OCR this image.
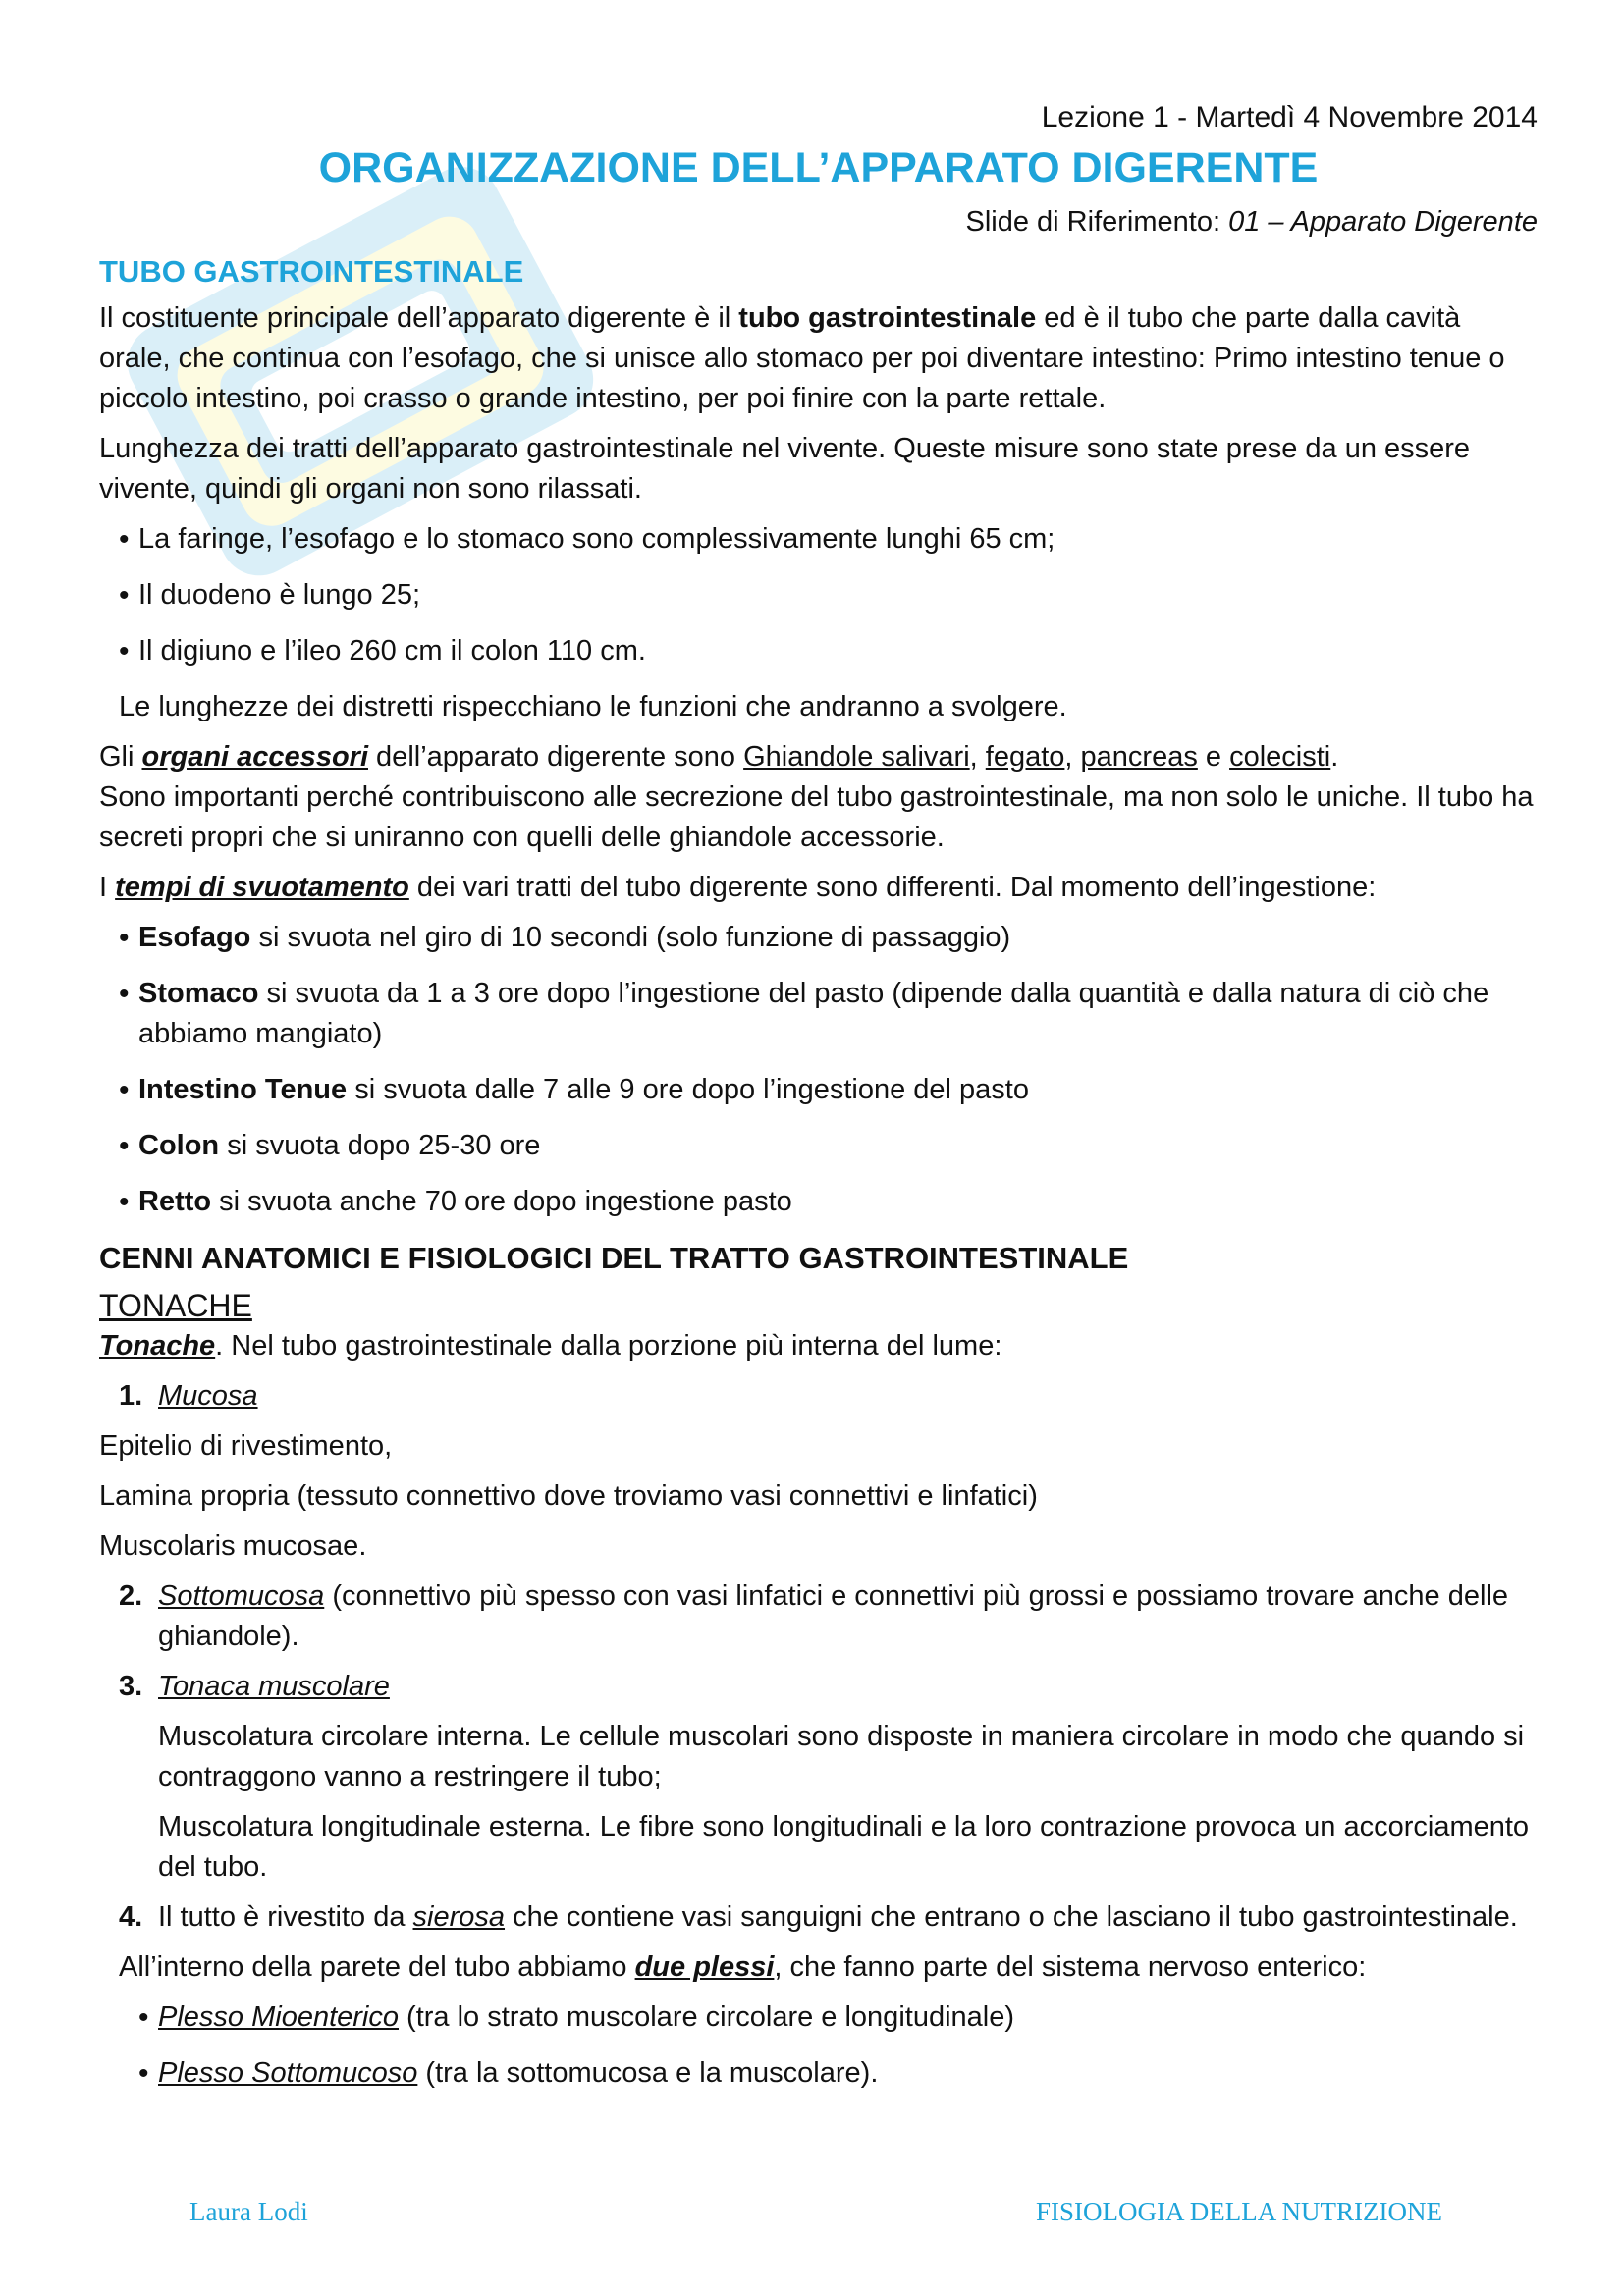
Lezione 1 - Martedì 4 Novembre 2014

ORGANIZZAZIONE DELL’APPARATO DIGERENTE

Slide di Riferimento: 01 – Apparato Digerente

TUBO GASTROINTESTINALE

Il costituente principale dell’apparato digerente è il tubo gastrointestinale ed è il tubo che parte dalla cavità orale, che continua con l’esofago, che si unisce allo stomaco per poi diventare intestino: Primo intestino tenue o piccolo intestino, poi crasso o grande intestino, per poi finire con la parte rettale.

Lunghezza dei tratti dell’apparato gastrointestinale nel vivente. Queste misure sono state prese da un essere vivente, quindi gli organi non sono rilassati.

• La faringe, l’esofago e lo stomaco sono complessivamente lunghi 65 cm;
• Il duodeno è lungo 25;
• Il digiuno e l’ileo 260 cm il colon 110 cm.

Le lunghezze dei distretti rispecchiano le funzioni che andranno a svolgere.

Gli organi accessori dell’apparato digerente sono Ghiandole salivari, fegato, pancreas e colecisti.

Sono importanti perché contribuiscono alle secrezione del tubo gastrointestinale, ma non solo le uniche. Il tubo ha secreti propri che si uniranno con quelli delle ghiandole accessorie.

I tempi di svuotamento dei vari tratti del tubo digerente sono differenti. Dal momento dell’ingestione:

• Esofago si svuota nel giro di 10 secondi (solo funzione di passaggio)
• Stomaco si svuota da 1 a 3 ore dopo l’ingestione del pasto (dipende dalla quantità e dalla natura di ciò che abbiamo mangiato)
• Intestino Tenue si svuota dalle 7 alle 9 ore dopo l’ingestione del pasto
• Colon si svuota dopo 25-30 ore
• Retto si svuota anche 70 ore dopo ingestione pasto
CENNI ANATOMICI E FISIOLOGICI DEL TRATTO GASTROINTESTINALE
TONACHE

Tonache. Nel tubo gastrointestinale dalla porzione più interna del lume:

1. Mucosa

Epitelio di rivestimento,

Lamina propria (tessuto connettivo dove troviamo vasi connettivi e linfatici)

Muscolaris mucosae.

2. Sottomucosa (connettivo più spesso con vasi linfatici e connettivi più grossi e possiamo trovare anche delle ghiandole).
3. Tonaca muscolare

Muscolatura circolare interna. Le cellule muscolari sono disposte in maniera circolare in modo che quando si contraggono vanno a restringere il tubo;

Muscolatura longitudinale esterna. Le fibre sono longitudinali e la loro contrazione provoca un accorciamento del tubo.

4. Il tutto è rivestito da sierosa che contiene vasi sanguigni che entrano o che lasciano il tubo gastrointestinale.

All’interno della parete del tubo abbiamo due plessi, che fanno parte del sistema nervoso enterico:

• Plesso Mioenterico (tra lo strato muscolare circolare e longitudinale)
• Plesso Sottomucoso (tra la sottomucosa e la muscolare).
Laura Lodi	FISIOLOGIA DELLA NUTRIZIONE
